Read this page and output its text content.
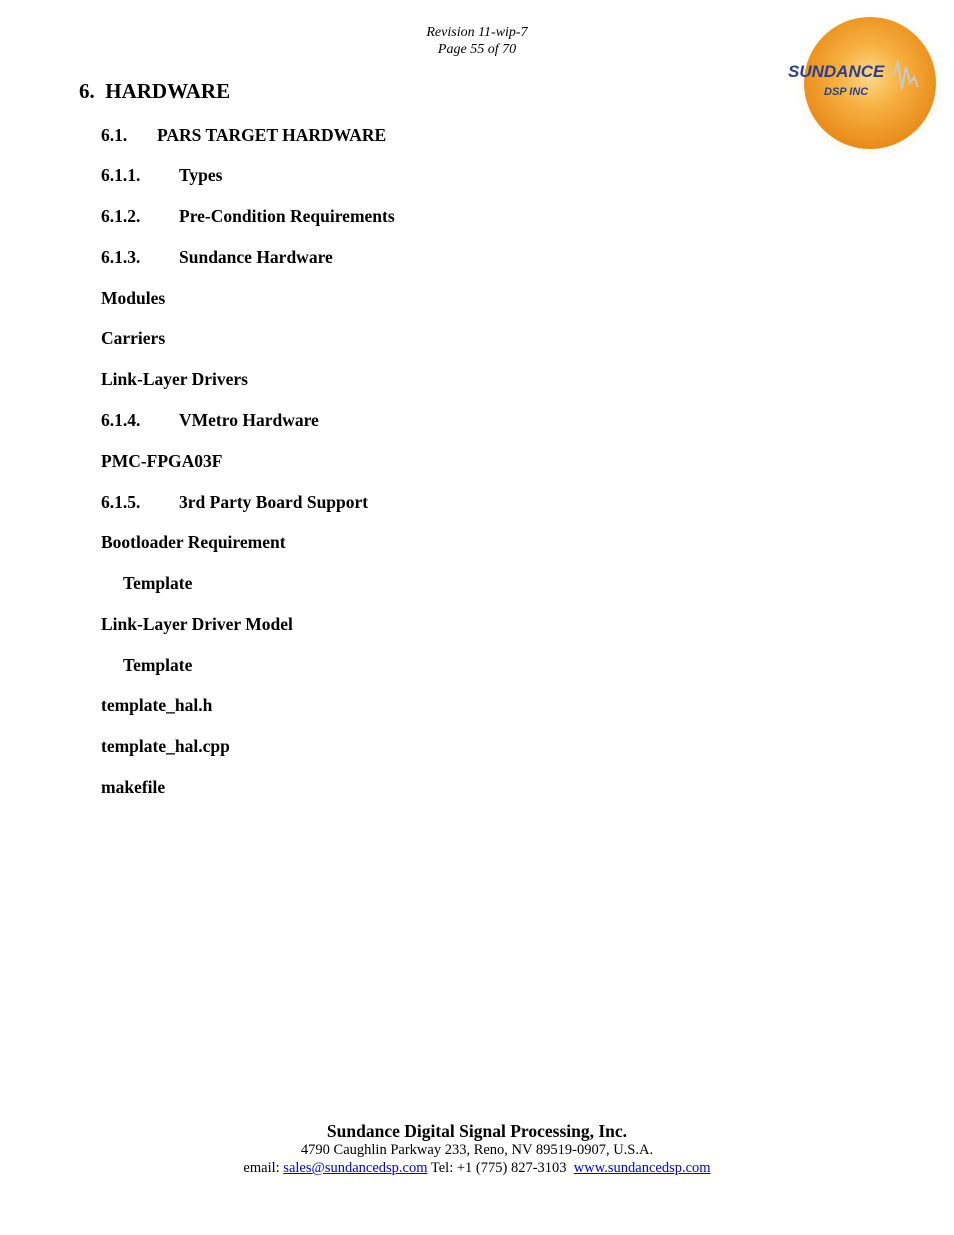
Revision 11-wip-7
Page 55 of 70
SUNDANCE
DSP INC
6. HARDWARE
6.1. PARS TARGET HARDWARE
6.1.1. Types
6.1.2. Pre-Condition Requirements
6.1.3. Sundance Hardware
Modules
Carriers
Link-Layer Drivers
6.1.4. VMetro Hardware
PMC-FPGA03F
6.1.5. 3rd Party Board Support
Bootloader Requirement
Template
Link-Layer Driver Model
Template
template_hal.h
template_hal.cpp
makefile
Sundance Digital Signal Processing, Inc.
4790 Caughlin Parkway 233, Reno, NV 89519-0907, U.S.A.
email: sales@sundancedsp.com Tel: +1 (775) 827-3103 www.sundancedsp.com
